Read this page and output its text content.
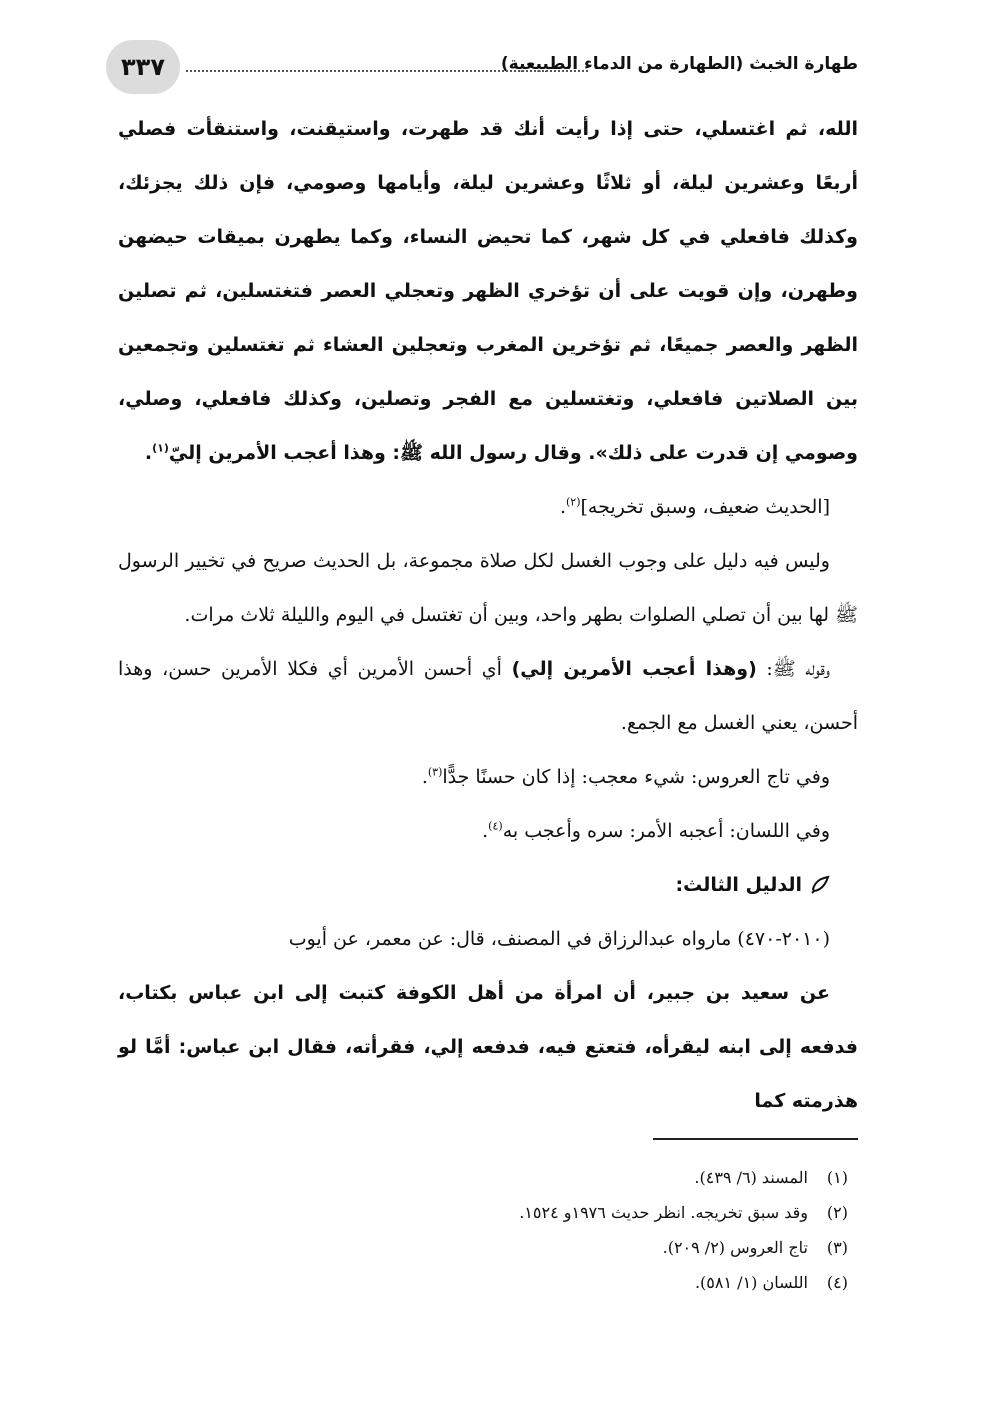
طهارة الخبث (الطهارة من الدماء الطبيعية)
٣٣٧

الله، ثم اغتسلي، حتى إذا رأيت أنك قد طهرت، واستيقنت، واستنقأت فصلي أربعًا وعشرين ليلة، أو ثلاثًا وعشرين ليلة، وأيامها وصومي، فإن ذلك يجزئك، وكذلك فافعلي في كل شهر، كما تحيض النساء، وكما يطهرن بميقات حيضهن وطهرن، وإن قويت على أن تؤخري الظهر وتعجلي العصر فتغتسلين، ثم تصلين الظهر والعصر جميعًا، ثم تؤخرين المغرب وتعجلين العشاء ثم تغتسلين وتجمعين بين الصلاتين فافعلي، وتغتسلين مع الفجر وتصلين، وكذلك فافعلي، وصلي، وصومي إن قدرت على ذلك». وقال رسول الله ﷺ: وهذا أعجب الأمرين إليّ$^{(١)}$.

[الحديث ضعيف، وسبق تخريجه]$^{(٢)}$.

وليس فيه دليل على وجوب الغسل لكل صلاة مجموعة، بل الحديث صريح في تخيير الرسول ﷺ لها بين أن تصلي الصلوات بطهر واحد، وبين أن تغتسل في اليوم والليلة ثلاث مرات.

وقوله ﷺ: (وهذا أعجب الأمرين إلي) أي أحسن الأمرين أي فكلا الأمرين حسن، وهذا أحسن، يعني الغسل مع الجمع.

وفي تاج العروس: شيء معجب: إذا كان حسنًا جدًّا$^{(٣)}$.

وفي اللسان: أعجبه الأمر: سره وأعجب به$^{(٤)}$.

الدليل الثالث:

(٢٠١٠-٤٧٠) مارواه عبدالرزاق في المصنف، قال: عن معمر، عن أيوب

عن سعيد بن جبير، أن امرأة من أهل الكوفة كتبت إلى ابن عباس بكتاب، فدفعه إلى ابنه ليقرأه، فتعتع فيه، فدفعه إلي، فقرأته، فقال ابن عباس: أمَّا لو هذرمته كما

(١)
المسند (٦/ ٤٣٩).
(٢)
وقد سبق تخريجه. انظر حديث ١٩٧٦و ١٥٢٤.
(٣)
تاج العروس (٢/ ٢٠٩).
(٤)
اللسان (١/ ٥٨١).
